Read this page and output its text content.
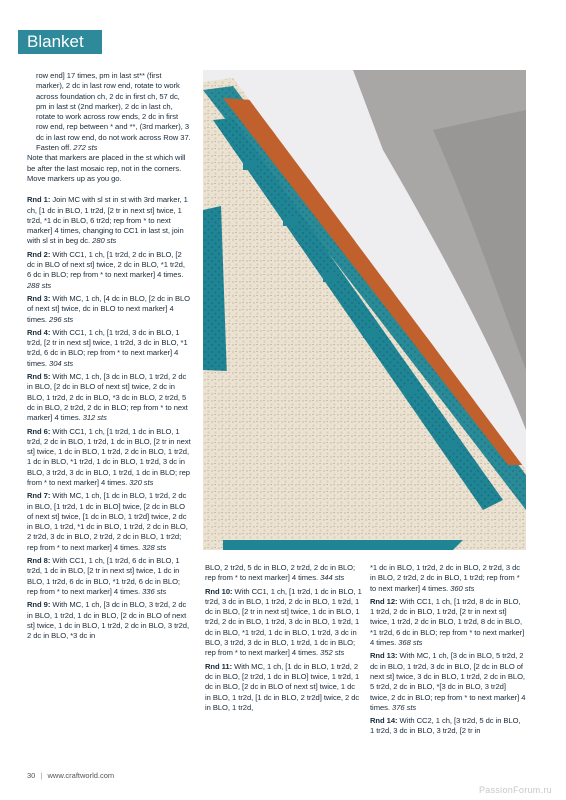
Blanket

row end] 17 times, pm in last st** (first marker), 2 dc in last row end, rotate to work across foundation ch, 2 dc in first ch, 57 dc, pm in last st (2nd marker), 2 dc in last ch, rotate to work across row ends, 2 dc in first row end, rep between * and **, (3rd marker), 3 dc in last row end, do not work across Row 37. Fasten off. 272 sts

Note that markers are placed in the st which will be after the last mosaic rep, not in the corners. Move markers up as you go.

Rnd 1: Join MC with sl st in st with 3rd marker, 1 ch, [1 dc in BLO, 1 tr2d, [2 tr in next st] twice, 1 tr2d, *1 dc in BLO, 6 tr2d; rep from * to next marker] 4 times, changing to CC1 in last st, join with sl st in beg dc. 280 sts

Rnd 2: With CC1, 1 ch, [1 tr2d, 2 dc in BLO, [2 dc in BLO of next st] twice, 2 dc in BLO, *1 tr2d, 6 dc in BLO; rep from * to next marker] 4 times. 288 sts

Rnd 3: With MC, 1 ch, [4 dc in BLO, [2 dc in BLO of next st] twice, dc in BLO to next marker] 4 times. 296 sts

Rnd 4: With CC1, 1 ch, [1 tr2d, 3 dc in BLO, 1 tr2d, [2 tr in next st] twice, 1 tr2d, 3 dc in BLO, *1 tr2d, 6 dc in BLO; rep from * to next marker] 4 times. 304 sts

Rnd 5: With MC, 1 ch, [3 dc in BLO, 1 tr2d, 2 dc in BLO, [2 dc in BLO of next st] twice, 2 dc in BLO, 1 tr2d, 2 dc in BLO, *3 dc in BLO, 2 tr2d, 5 dc in BLO, 2 tr2d, 2 dc in BLO; rep from * to next marker] 4 times. 312 sts

Rnd 6: With CC1, 1 ch, [1 tr2d, 1 dc in BLO, 1 tr2d, 2 dc in BLO, 1 tr2d, 1 dc in BLO, [2 tr in next st] twice, 1 dc in BLO, 1 tr2d, 2 dc in BLO, 1 tr2d, 1 dc in BLO, *1 tr2d, 1 dc in BLO, 1 tr2d, 3 dc in BLO, 3 tr2d, 3 dc in BLO, 1 tr2d, 1 dc in BLO; rep from * to next marker] 4 times. 320 sts

Rnd 7: With MC, 1 ch, [1 dc in BLO, 1 tr2d, 2 dc in BLO, [1 tr2d, 1 dc in BLO] twice, [2 dc in BLO of next st] twice, [1 dc in BLO, 1 tr2d] twice, 2 dc in BLO, 1 tr2d, *1 dc in BLO, 1 tr2d, 2 dc in BLO, 2 tr2d, 3 dc in BLO, 2 tr2d, 2 dc in BLO, 1 tr2d; rep from * to next marker] 4 times. 328 sts

Rnd 8: With CC1, 1 ch, [1 tr2d, 6 dc in BLO, 1 tr2d, 1 dc in BLO, [2 tr in next st] twice, 1 dc in BLO, 1 tr2d, 6 dc in BLO, *1 tr2d, 6 dc in BLO; rep from * to next marker] 4 times. 336 sts

Rnd 9: With MC, 1 ch, [3 dc in BLO, 3 tr2d, 2 dc in BLO, 1 tr2d, 1 dc in BLO, [2 dc in BLO of next st] twice, 1 dc in BLO, 1 tr2d, 2 dc in BLO, 3 tr2d, 2 dc in BLO, *3 dc in

BLO, 2 tr2d, 5 dc in BLO, 2 tr2d, 2 dc in BLO; rep from * to next marker] 4 times. 344 sts

Rnd 10: With CC1, 1 ch, [1 tr2d, 1 dc in BLO, 1 tr2d, 3 dc in BLO, 1 tr2d, 2 dc in BLO, 1 tr2d, 1 dc in BLO, [2 tr in next st] twice, 1 dc in BLO, 1 tr2d, 2 dc in BLO, 1 tr2d, 3 dc in BLO, 1 tr2d, 1 dc in BLO, *1 tr2d, 1 dc in BLO, 1 tr2d, 3 dc in BLO, 3 tr2d, 3 dc in BLO, 1 tr2d, 1 dc in BLO; rep from * to next marker] 4 times. 352 sts

Rnd 11: With MC, 1 ch, [1 dc in BLO, 1 tr2d, 2 dc in BLO, [2 tr2d, 1 dc in BLO] twice, 1 tr2d, 1 dc in BLO, [2 dc in BLO of next st] twice, 1 dc in BLO, 1 tr2d, [1 dc in BLO, 2 tr2d] twice, 2 dc in BLO, 1 tr2d,

*1 dc in BLO, 1 tr2d, 2 dc in BLO, 2 tr2d, 3 dc in BLO, 2 tr2d, 2 dc in BLO, 1 tr2d; rep from * to next marker] 4 times. 360 sts

Rnd 12: With CC1, 1 ch, [1 tr2d, 8 dc in BLO, 1 tr2d, 2 dc in BLO, 1 tr2d, [2 tr in next st] twice, 1 tr2d, 2 dc in BLO, 1 tr2d, 8 dc in BLO, *1 tr2d, 6 dc in BLO; rep from * to next marker] 4 times. 368 sts

Rnd 13: With MC, 1 ch, [3 dc in BLO, 5 tr2d, 2 dc in BLO, 1 tr2d, 3 dc in BLO, [2 dc in BLO of next st] twice, 3 dc in BLO, 1 tr2d, 2 dc in BLO, 5 tr2d, 2 dc in BLO, *[3 dc in BLO, 3 tr2d] twice, 2 dc in BLO; rep from * to next marker] 4 times. 376 sts

Rnd 14: With CC2, 1 ch, [3 tr2d, 5 dc in BLO, 1 tr2d, 3 dc in BLO, 3 tr2d, [2 tr in

30 | www.craftworld.com
PassionForum.ru
